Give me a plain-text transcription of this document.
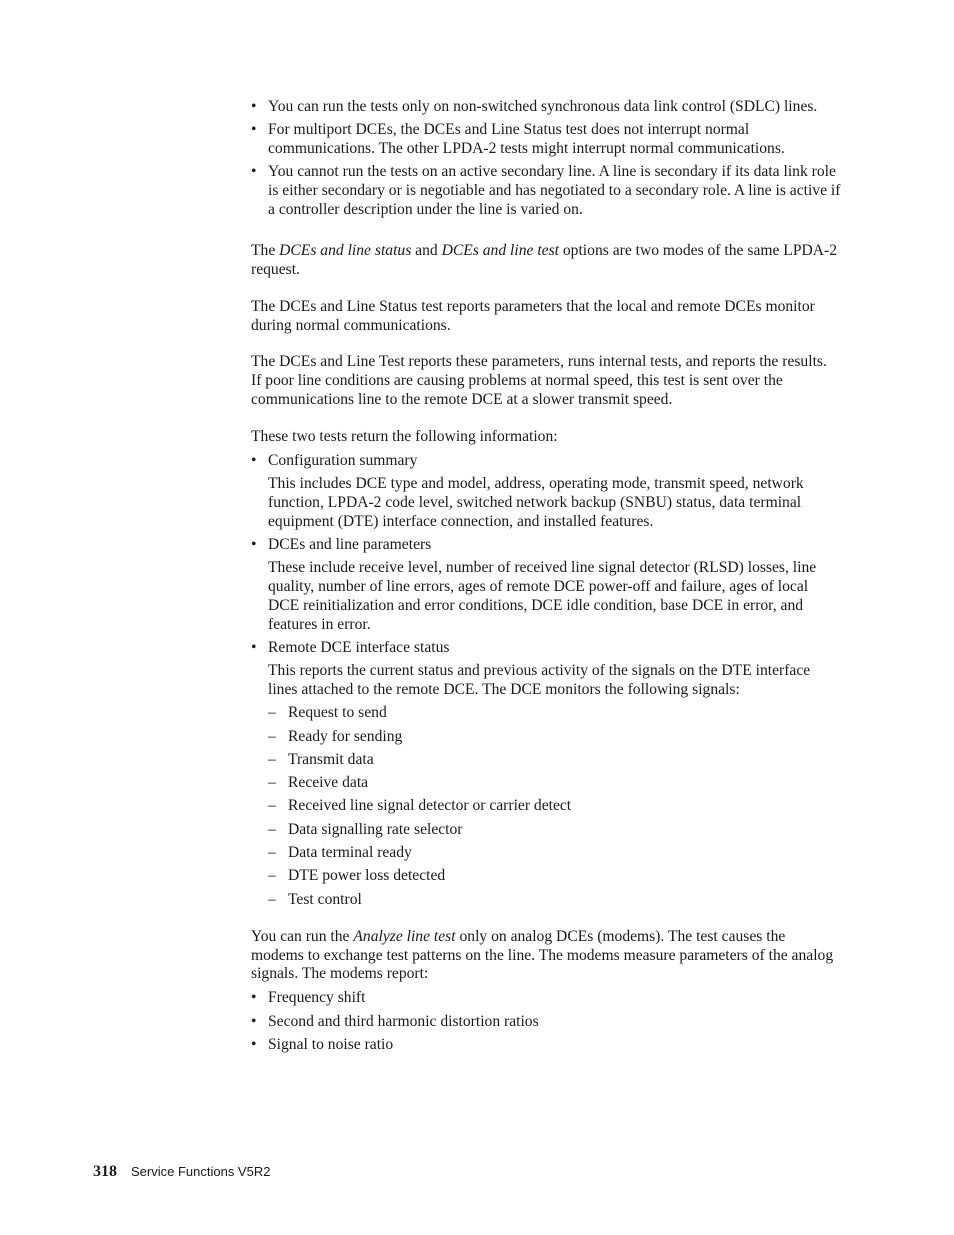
• You can run the tests only on non-switched synchronous data link control (SDLC) lines.
• For multiport DCEs, the DCEs and Line Status test does not interrupt normal communications. The other LPDA-2 tests might interrupt normal communications.
• You cannot run the tests on an active secondary line. A line is secondary if its data link role is either secondary or is negotiable and has negotiated to a secondary role. A line is active if a controller description under the line is varied on.

The DCEs and line status and DCEs and line test options are two modes of the same LPDA-2 request.

The DCEs and Line Status test reports parameters that the local and remote DCEs monitor during normal communications.

The DCEs and Line Test reports these parameters, runs internal tests, and reports the results. If poor line conditions are causing problems at normal speed, this test is sent over the communications line to the remote DCE at a slower transmit speed.

These two tests return the following information:

• Configuration summary
This includes DCE type and model, address, operating mode, transmit speed, network function, LPDA-2 code level, switched network backup (SNBU) status, data terminal equipment (DTE) interface connection, and installed features.
• DCEs and line parameters
These include receive level, number of received line signal detector (RLSD) losses, line quality, number of line errors, ages of remote DCE power-off and failure, ages of local DCE reinitialization and error conditions, DCE idle condition, base DCE in error, and features in error.
• Remote DCE interface status
This reports the current status and previous activity of the signals on the DTE interface lines attached to the remote DCE. The DCE monitors the following signals:
– Request to send
– Ready for sending
– Transmit data
– Receive data
– Received line signal detector or carrier detect
– Data signalling rate selector
– Data terminal ready
– DTE power loss detected
– Test control

You can run the Analyze line test only on analog DCEs (modems). The test causes the modems to exchange test patterns on the line. The modems measure parameters of the analog signals. The modems report:

• Frequency shift
• Second and third harmonic distortion ratios
• Signal to noise ratio
318 Service Functions V5R2
